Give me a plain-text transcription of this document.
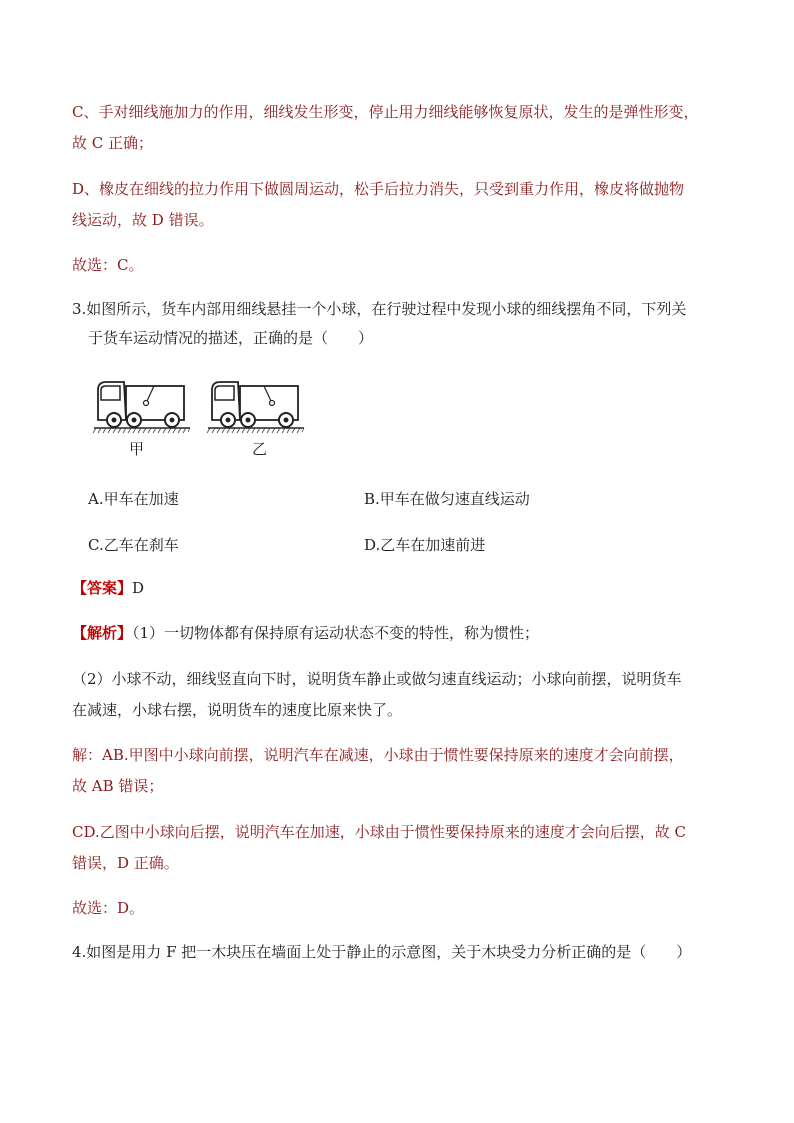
C、手对细线施加力的作用，细线发生形变，停止用力细线能够恢复原状，发生的是弹性形变，
故 C 正确；
D、橡皮在细线的拉力作用下做圆周运动，松手后拉力消失，只受到重力作用，橡皮将做抛物
线运动，故 D 错误。
故选：C。
3.如图所示，货车内部用细线悬挂一个小球，在行驶过程中发现小球的细线摆角不同，下列关
于货车运动情况的描述，正确的是（　　）
甲	乙
A.甲车在加速	B.甲车在做匀速直线运动
C.乙车在刹车	D.乙车在加速前进
【答案】D
【解析】（1）一切物体都有保持原有运动状态不变的特性，称为惯性；
（2）小球不动，细线竖直向下时，说明货车静止或做匀速直线运动；小球向前摆，说明货车
在减速，小球右摆，说明货车的速度比原来快了。
解：AB.甲图中小球向前摆，说明汽车在减速，小球由于惯性要保持原来的速度才会向前摆，
故 AB 错误；
CD.乙图中小球向后摆，说明汽车在加速，小球由于惯性要保持原来的速度才会向后摆，故 C
错误，D 正确。
故选：D。
4.如图是用力 F 把一木块压在墙面上处于静止的示意图，关于木块受力分析正确的是（　　）
